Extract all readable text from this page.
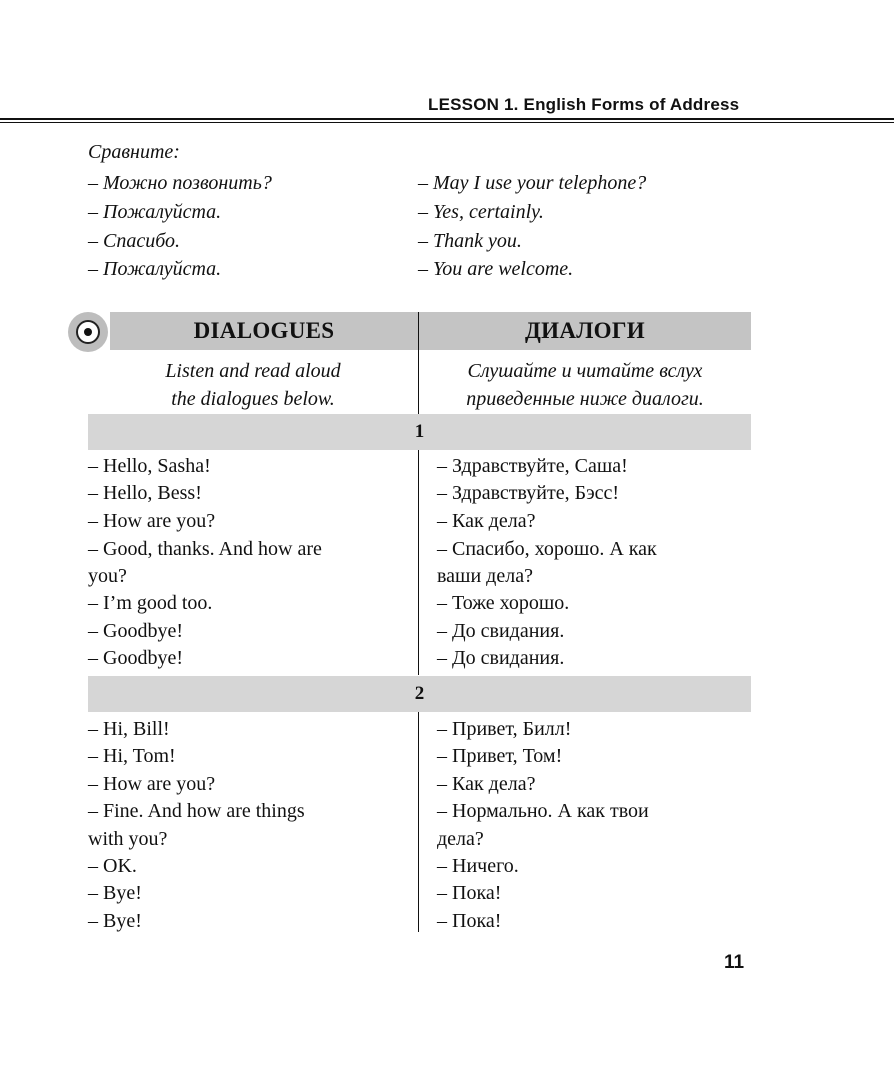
LESSON 1. English Forms of Address
Сравните:
– Можно позвонить?
– Пожалуйста.
– Спасибо.
– Пожалуйста.
– May I use your telephone?
– Yes, certainly.
– Thank you.
– You are welcome.
DIALOGUES	ДИАЛОГИ
Listen and read aloud
the dialogues below.
Слушайте и читайте вслух
приведенные ниже диалоги.
1
– Hello, Sasha!
– Hello, Bess!
– How are you?
– Good, thanks. And how are
you?
– I’m good too.
– Goodbye!
– Goodbye!
– Здравствуйте, Саша!
– Здравствуйте, Бэсс!
– Как дела?
– Спасибо, хорошо. А как
ваши дела?
– Тоже хорошо.
– До свидания.
– До свидания.
2
– Hi, Bill!
– Hi, Tom!
– How are you?
– Fine. And how are things
with you?
– OK.
– Bye!
– Bye!
– Привет, Билл!
– Привет, Том!
– Как дела?
– Нормально. А как твои
дела?
– Ничего.
– Пока!
– Пока!
11
